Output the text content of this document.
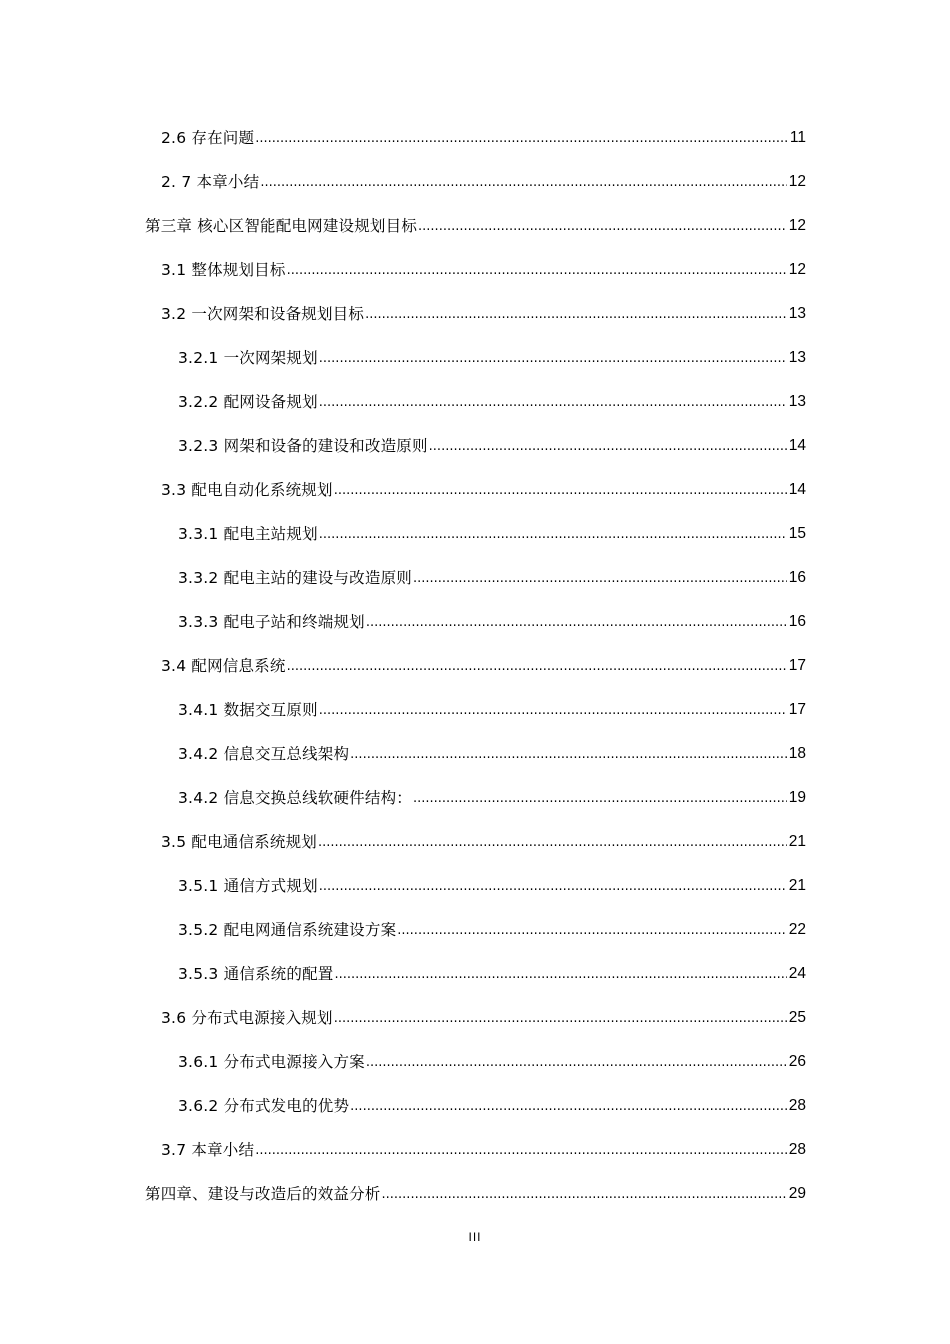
2.6 存在问题 .....	11
2. 7 本章小结 .....	12
第三章 核心区智能配电网建设规划目标 .....	12
3.1 整体规划目标 .....	12
3.2 一次网架和设备规划目标 .....	13
3.2.1 一次网架规划 .....	13
3.2.2 配网设备规划 .....	13
3.2.3 网架和设备的建设和改造原则 .....	14
3.3 配电自动化系统规划 .....	14
3.3.1 配电主站规划 .....	15
3.3.2 配电主站的建设与改造原则 .....	16
3.3.3 配电子站和终端规划 .....	16
3.4 配网信息系统 .....	17
3.4.1 数据交互原则 .....	17
3.4.2 信息交互总线架构 .....	18
3.4.2 信息交换总线软硬件结构： .....	19
3.5 配电通信系统规划 .....	21
3.5.1 通信方式规划 .....	21
3.5.2 配电网通信系统建设方案 .....	22
3.5.3 通信系统的配置 .....	24
3.6 分布式电源接入规划 .....	25
3.6.1 分布式电源接入方案 .....	26
3.6.2 分布式发电的优势 .....	28
3.7 本章小结 .....	28
第四章、建设与改造后的效益分析 .....	29
III
